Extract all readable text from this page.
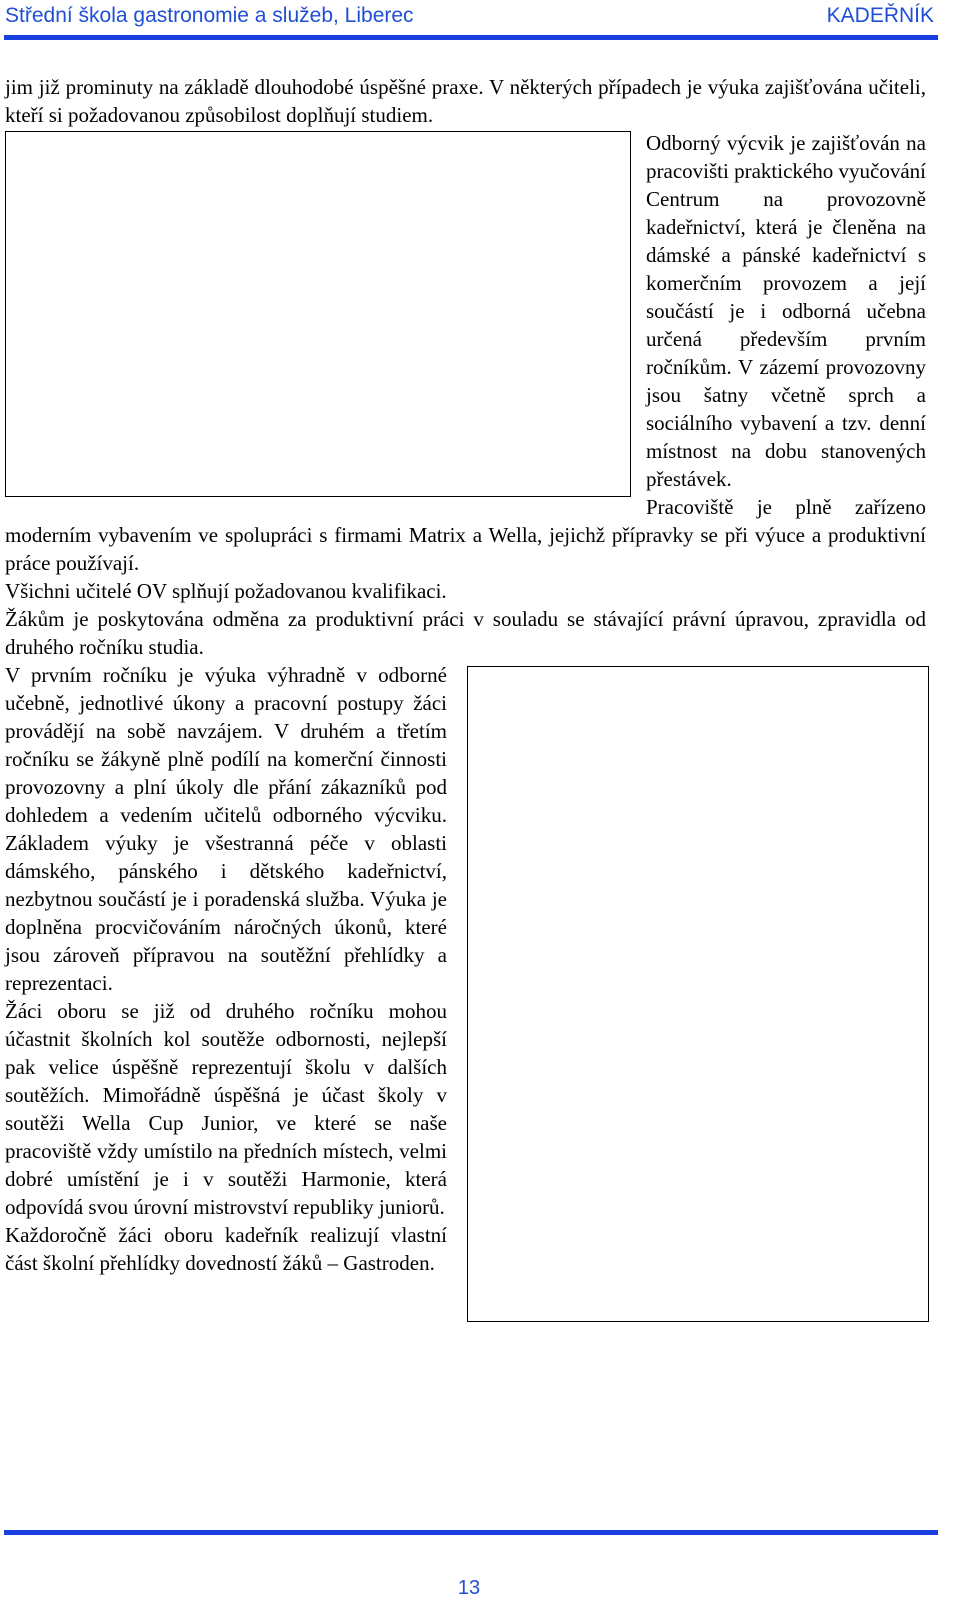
Střední škola gastronomie a služeb, Liberec	KADEŘNÍK

jim již prominuty na základě dlouhodobé úspěšné praxe. V některých případech je výuka zajišťována učiteli, kteří si požadovanou způsobilost doplňují studiem.

Odborný výcvik je zajišťován na pracovišti praktického vyučování Centrum na provozovně kadeřnictví, která je členěna na dámské a pánské kadeřnictví s komerčním provozem a její součástí je i odborná učebna určená především prvním ročníkům. V zázemí provozovny jsou šatny včetně sprch a sociálního vybavení a tzv. denní místnost na dobu stanovených přestávek.

Pracoviště je plně zařízeno moderním vybavením ve spolupráci s firmami Matrix a Wella, jejichž přípravky se při výuce a produktivní práce používají.

Všichni učitelé OV splňují požadovanou kvalifikaci.

Žákům je poskytována odměna za produktivní práci v souladu se stávající právní úpravou, zpravidla od druhého ročníku studia.

V prvním ročníku je výuka výhradně v odborné učebně, jednotlivé úkony a pracovní postupy žáci provádějí na sobě navzájem. V druhém a třetím ročníku se žákyně plně podílí na komerční činnosti provozovny a plní úkoly dle přání zákazníků pod dohledem a vedením učitelů odborného výcviku. Základem výuky je všestranná péče v oblasti dámského, pánského i dětského kadeřnictví, nezbytnou součástí je i poradenská služba. Výuka je doplněna procvičováním náročných úkonů, které jsou zároveň přípravou na soutěžní přehlídky a reprezentaci.

Žáci oboru se již od druhého ročníku mohou účastnit školních kol soutěže odbornosti, nejlepší pak velice úspěšně reprezentují školu v dalších soutěžích. Mimořádně úspěšná je účast školy v soutěži Wella Cup Junior, ve které se naše pracoviště vždy umístilo na předních místech, velmi dobré umístění je i v soutěži Harmonie, která odpovídá svou úrovní mistrovství republiky juniorů.

Každoročně žáci oboru kadeřník realizují vlastní část školní přehlídky dovedností žáků – Gastroden.

13
